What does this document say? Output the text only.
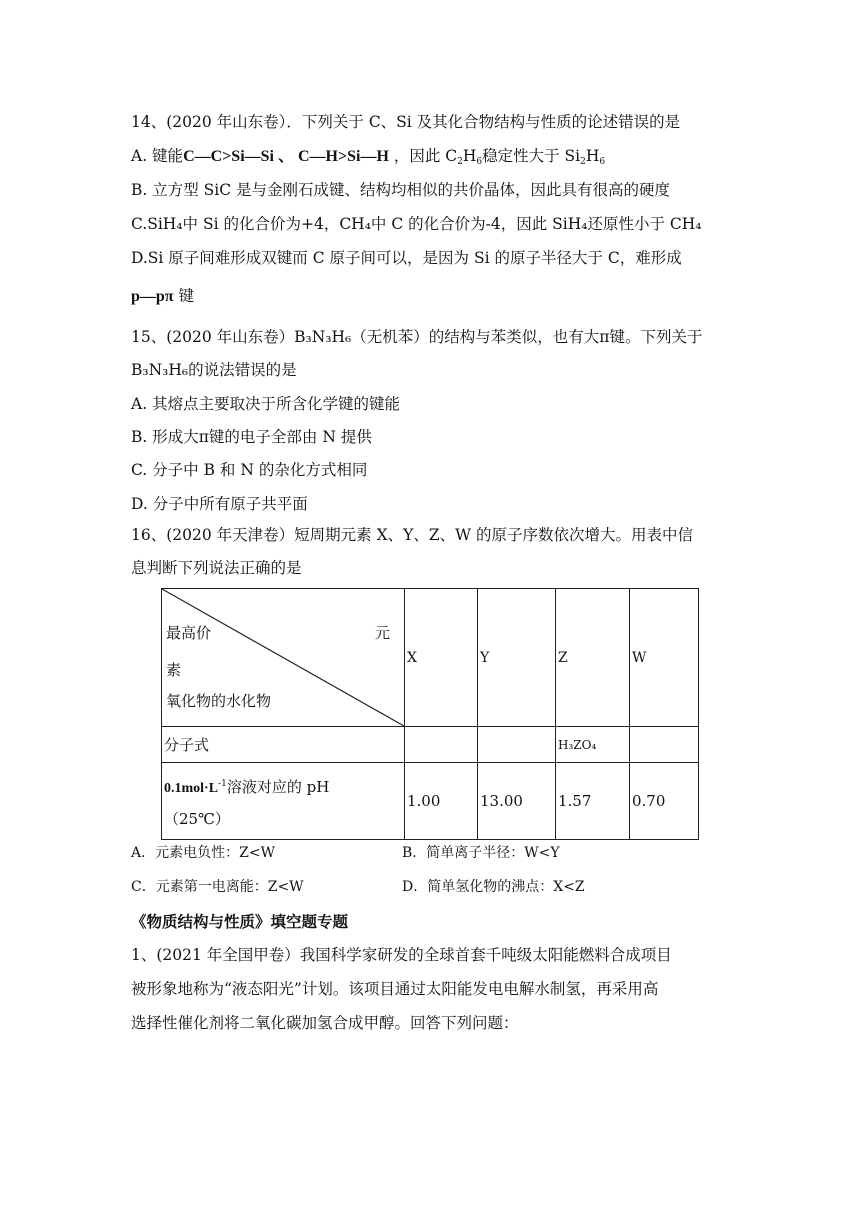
14、(2020 年山东卷）．下列关于 C、Si 及其化合物结构与性质的论述错误的是
A. 键能C—C>Si—Si 、 C—H>Si—H ，因此 $C_2H_6$稳定性大于 $Si_2H_6$
B. 立方型 SiC 是与金刚石成键、结构均相似的共价晶体，因此具有很高的硬度
C.SiH₄中 Si 的化合价为+4，CH₄中 C 的化合价为-4，因此 SiH₄还原性小于 CH₄
D.Si 原子间难形成双键而 C 原子间可以，是因为 Si 的原子半径大于 C，难形成
p—pπ 键
15、(2020 年山东卷）B₃N₃H₆（无机苯）的结构与苯类似，也有大π键。下列关于
B₃N₃H₆的说法错误的是
A. 其熔点主要取决于所含化学键的键能
B. 形成大π键的电子全部由 N 提供
C. 分子中 B 和 N 的杂化方式相同
D. 分子中所有原子共平面
16、(2020 年天津卷）短周期元素 X、Y、Z、W 的原子序数依次增大。用表中信
息判断下列说法正确的是
最高价 元
素
氧化物的水化物	X	Y	Z	W
分子式			H₃ZO₄	
$0.1mol\cdot L^{-1}$溶液对应的 pH
（25℃）	1.00	13.00	1.57	0.70
A．元素电负性：Z<W	B．简单离子半径：W<Y
C．元素第一电离能：Z<W	D．简单氢化物的沸点：X<Z
《物质结构与性质》填空题专题
1、(2021 年全国甲卷）我国科学家研发的全球首套千吨级太阳能燃料合成项目
被形象地称为“液态阳光”计划。该项目通过太阳能发电电解水制氢，再采用高
选择性催化剂将二氧化碳加氢合成甲醇。回答下列问题：
